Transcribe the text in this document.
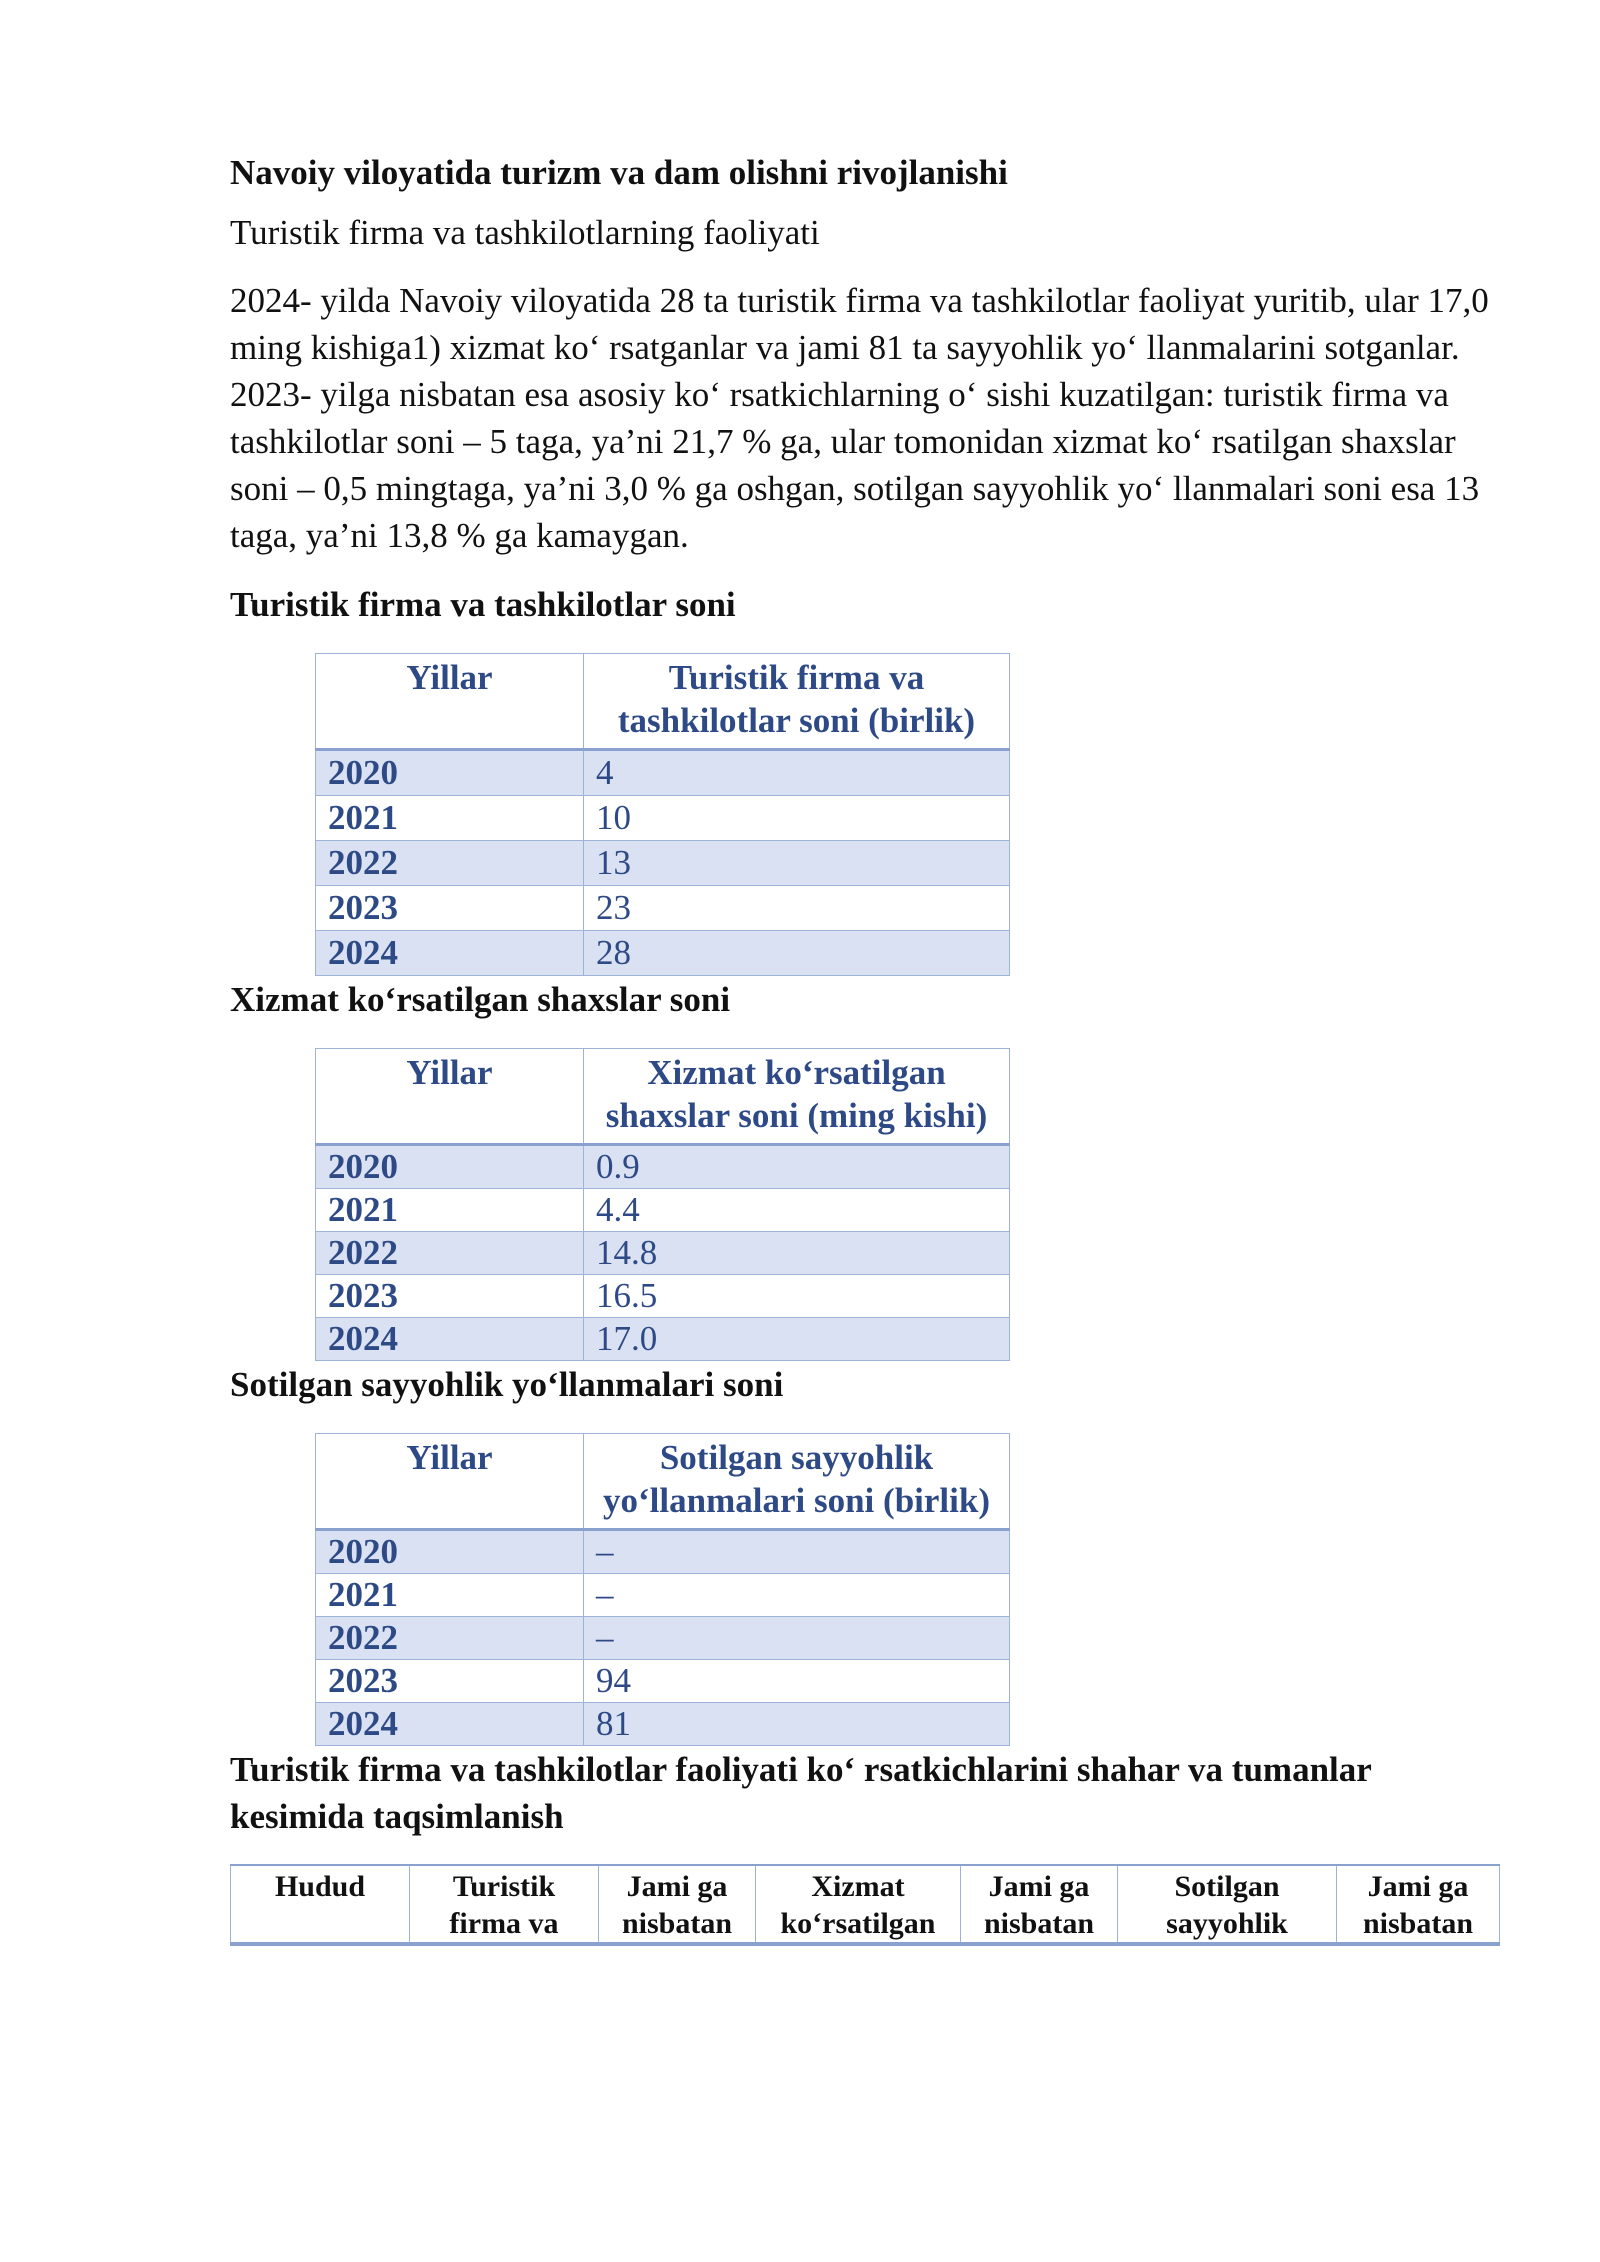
Navoiy viloyatida turizm va dam olishni rivojlanishi
Turistik firma va tashkilotlarning faoliyati
2024- yilda Navoiy viloyatida 28 ta turistik firma va tashkilotlar faoliyat yuritib, ular 17,0 ming kishiga1) xizmat ko‘ rsatganlar va jami 81 ta sayyohlik yo‘ llanmalarini sotganlar. 2023- yilga nisbatan esa asosiy ko‘ rsatkichlarning o‘ sishi kuzatilgan: turistik firma va tashkilotlar soni – 5 taga, ya’ni 21,7 % ga, ular tomonidan xizmat ko‘ rsatilgan shaxslar soni – 0,5 mingtaga, ya’ni 3,0 % ga oshgan, sotilgan sayyohlik yo‘ llanmalari soni esa 13 taga, ya’ni 13,8 % ga kamaygan.
Turistik firma va tashkilotlar soni
Yillar	Turistik firma va tashkilotlar soni (birlik)
2020	4
2021	10
2022	13
2023	23
2024	28
Xizmat ko‘rsatilgan shaxslar soni
Yillar	Xizmat ko‘rsatilgan shaxslar soni (ming kishi)
2020	0.9
2021	4.4
2022	14.8
2023	16.5
2024	17.0
Sotilgan sayyohlik yo‘llanmalari soni
Yillar	Sotilgan sayyohlik yo‘llanmalari soni (birlik)
2020	–
2021	–
2022	–
2023	94
2024	81
Turistik firma va tashkilotlar faoliyati ko‘ rsatkichlarini shahar va tumanlar kesimida taqsimlanish
Hudud	Turistik firma va	Jami ga nisbatan	Xizmat ko‘rsatilgan	Jami ga nisbatan	Sotilgan sayyohlik	Jami ga nisbatan
